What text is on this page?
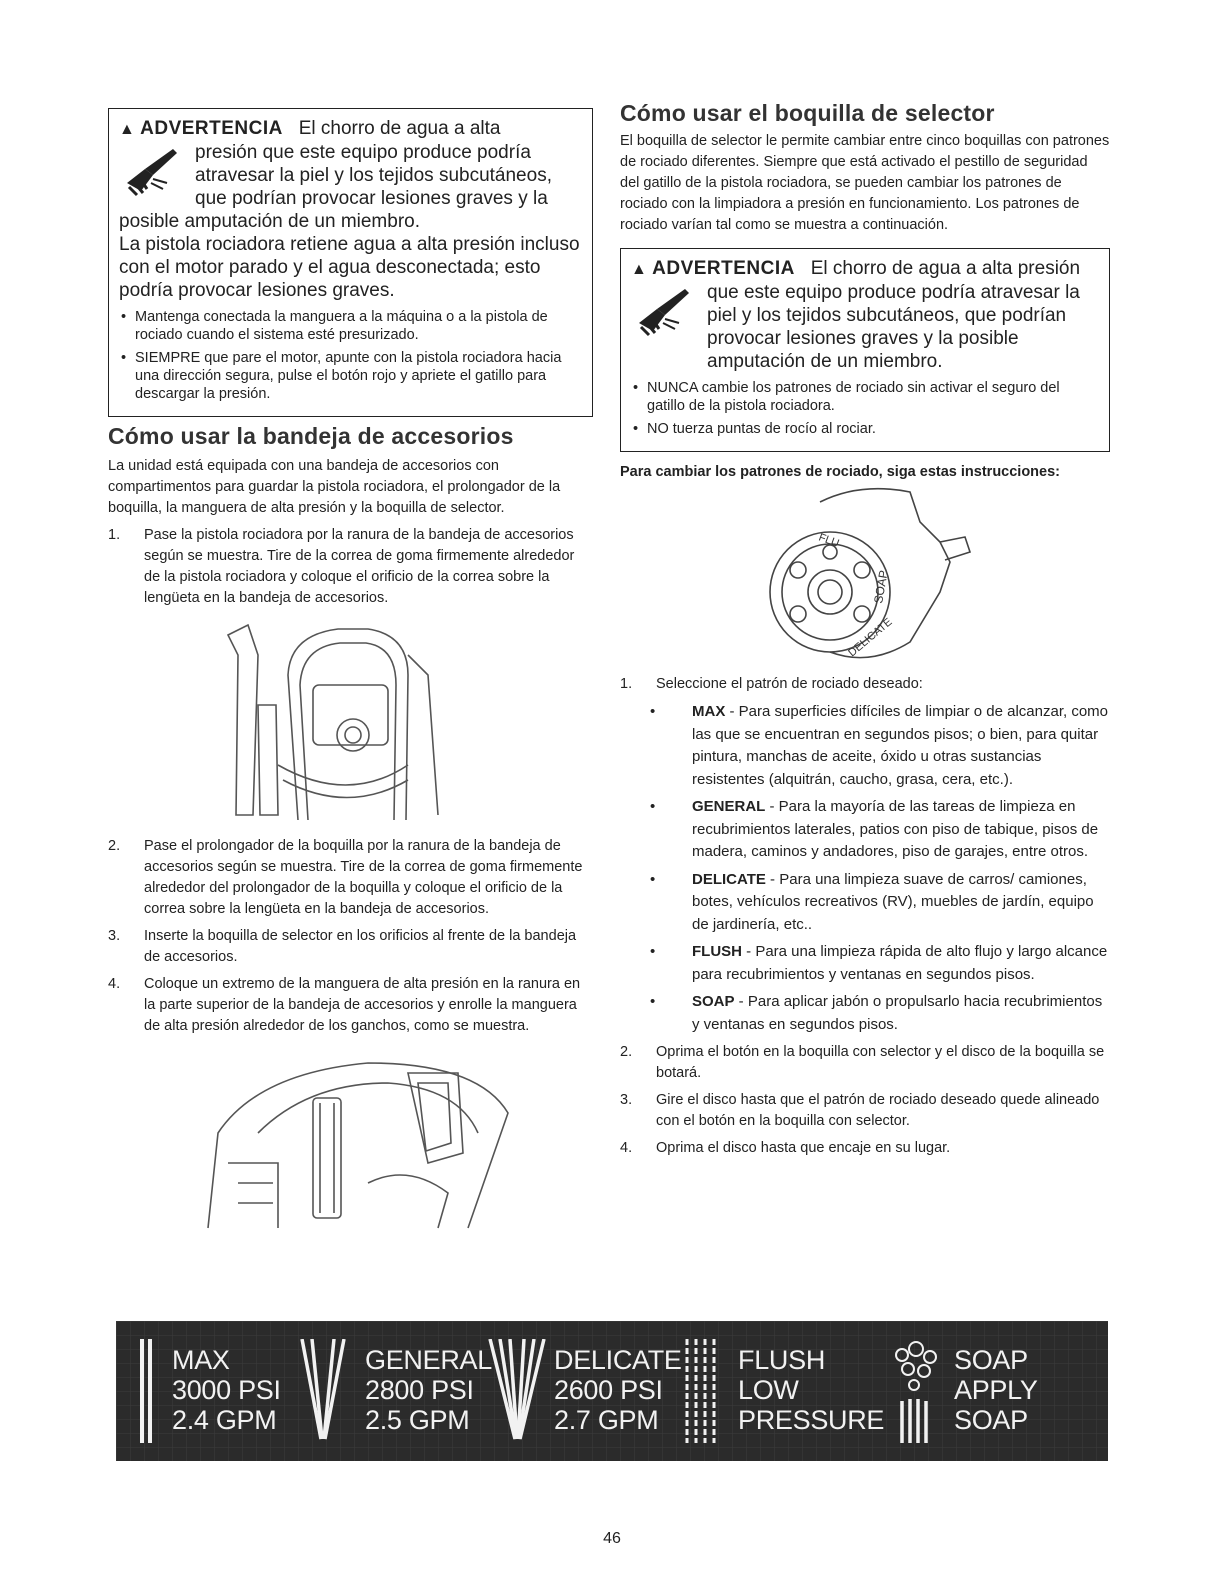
▲ ADVERTENCIA El chorro de agua a alta
presión que este equipo produce podría
atravesar la piel y los tejidos subcutáneos,
que podrían provocar lesiones graves y la
posible amputación de un miembro.
La pistola rociadora retiene agua a alta presión incluso con el motor parado y el agua desconectada; esto podría provocar lesiones graves.
• Mantenga conectada la manguera a la máquina o a la pistola de rociado cuando el sistema esté presurizado.
• SIEMPRE que pare el motor, apunte con la pistola rociadora hacia una dirección segura, pulse el botón rojo y apriete el gatillo para descargar la presión.
Cómo usar la bandeja de accesorios

La unidad está equipada con una bandeja de accesorios con compartimentos para guardar la pistola rociadora, el prolongador de la boquilla, la manguera de alta presión y la boquilla de selector.

1. Pase la pistola rociadora por la ranura de la bandeja de accesorios según se muestra. Tire de la correa de goma firmemente alrededor de la pistola rociadora y coloque el orificio de la correa sobre la lengüeta en la bandeja de accesorios.
2. Pase el prolongador de la boquilla por la ranura de la bandeja de accesorios según se muestra. Tire de la correa de goma firmemente alrededor del prolongador de la boquilla y coloque el orificio de la correa sobre la lengüeta en la bandeja de accesorios.
3. Inserte la boquilla de selector en los orificios al frente de la bandeja de accesorios.
4. Coloque un extremo de la manguera de alta presión en la ranura en la parte superior de la bandeja de accesorios y enrolle la manguera de alta presión alrededor de los ganchos, como se muestra.
Cómo usar el boquilla de selector

El boquilla de selector le permite cambiar entre cinco boquillas con patrones de rociado diferentes. Siempre que está activado el pestillo de seguridad del gatillo de la pistola rociadora, se pueden cambiar los patrones de rociado con la limpiadora a presión en funcionamiento. Los patrones de rociado varían tal como se muestra a continuación.

▲ ADVERTENCIA El chorro de agua a alta presión
que este equipo produce podría atravesar la
piel y los tejidos subcutáneos, que podrían
provocar lesiones graves y la posible
amputación de un miembro.
• NUNCA cambie los patrones de rociado sin activar el seguro del gatillo de la pistola rociadora.
• NO tuerza puntas de rocío al rociar.

Para cambiar los patrones de rociado, siga estas instrucciones:

SOAP
DELICATE
FLU
1. Seleccione el patrón de rociado deseado:
• MAX - Para superficies difíciles de limpiar o de alcanzar, como las que se encuentran en segundos pisos; o bien, para quitar pintura, manchas de aceite, óxido u otras sustancias resistentes (alquitrán, caucho, grasa, cera, etc.).
• GENERAL - Para la mayoría de las tareas de limpieza en recubrimientos laterales, patios con piso de tabique, pisos de madera, caminos y andadores, piso de garajes, entre otros.
• DELICATE - Para una limpieza suave de carros/ camiones, botes, vehículos recreativos (RV), muebles de jardín, equipo de jardinería, etc..
• FLUSH - Para una limpieza rápida de alto flujo y largo alcance para recubrimientos y ventanas en segundos pisos.
• SOAP - Para aplicar jabón o propulsarlo hacia recubrimientos y ventanas en segundos pisos.
2. Oprima el botón en la boquilla con selector y el disco de la boquilla se botará.
3. Gire el disco hasta que el patrón de rociado deseado quede alineado con el botón en la boquilla con selector.
4. Oprima el disco hasta que encaje en su lugar.
MAX
3000 PSI
2.4 GPM
GENERAL
2800 PSI
2.5 GPM
DELICATE
2600 PSI
2.7 GPM
FLUSH
LOW
PRESSURE
SOAP
APPLY
SOAP
46
